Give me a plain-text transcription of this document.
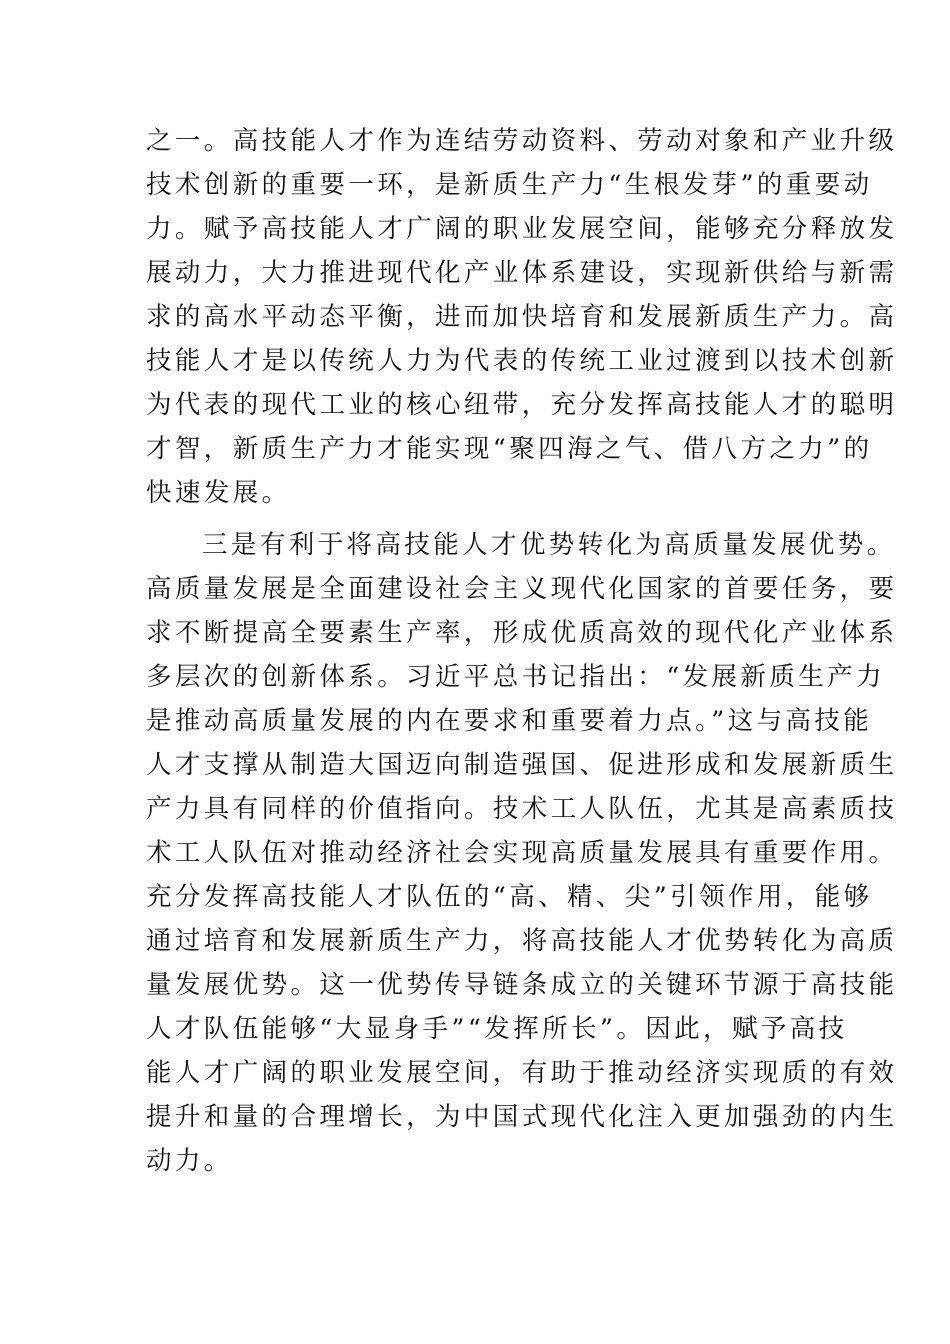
之一。高技能人才作为连结劳动资料、劳动对象和产业升级
技术创新的重要一环，是新质生产力“生根发芽”的重要动
力。赋予高技能人才广阔的职业发展空间，能够充分释放发
展动力，大力推进现代化产业体系建设，实现新供给与新需
求的高水平动态平衡，进而加快培育和发展新质生产力。高
技能人才是以传统人力为代表的传统工业过渡到以技术创新
为代表的现代工业的核心纽带，充分发挥高技能人才的聪明
才智，新质生产力才能实现“聚四海之气、借八方之力”的
快速发展。
三是有利于将高技能人才优势转化为高质量发展优势。
高质量发展是全面建设社会主义现代化国家的首要任务，要
求不断提高全要素生产率，形成优质高效的现代化产业体系
多层次的创新体系。习近平总书记指出：“发展新质生产力
是推动高质量发展的内在要求和重要着力点。”这与高技能
人才支撑从制造大国迈向制造强国、促进形成和发展新质生
产力具有同样的价值指向。技术工人队伍，尤其是高素质技
术工人队伍对推动经济社会实现高质量发展具有重要作用。
充分发挥高技能人才队伍的“高、精、尖”引领作用，能够
通过培育和发展新质生产力，将高技能人才优势转化为高质
量发展优势。这一优势传导链条成立的关键环节源于高技能
人才队伍能够“大显身手”“发挥所长”。因此，赋予高技
能人才广阔的职业发展空间，有助于推动经济实现质的有效
提升和量的合理增长，为中国式现代化注入更加强劲的内生
动力。
